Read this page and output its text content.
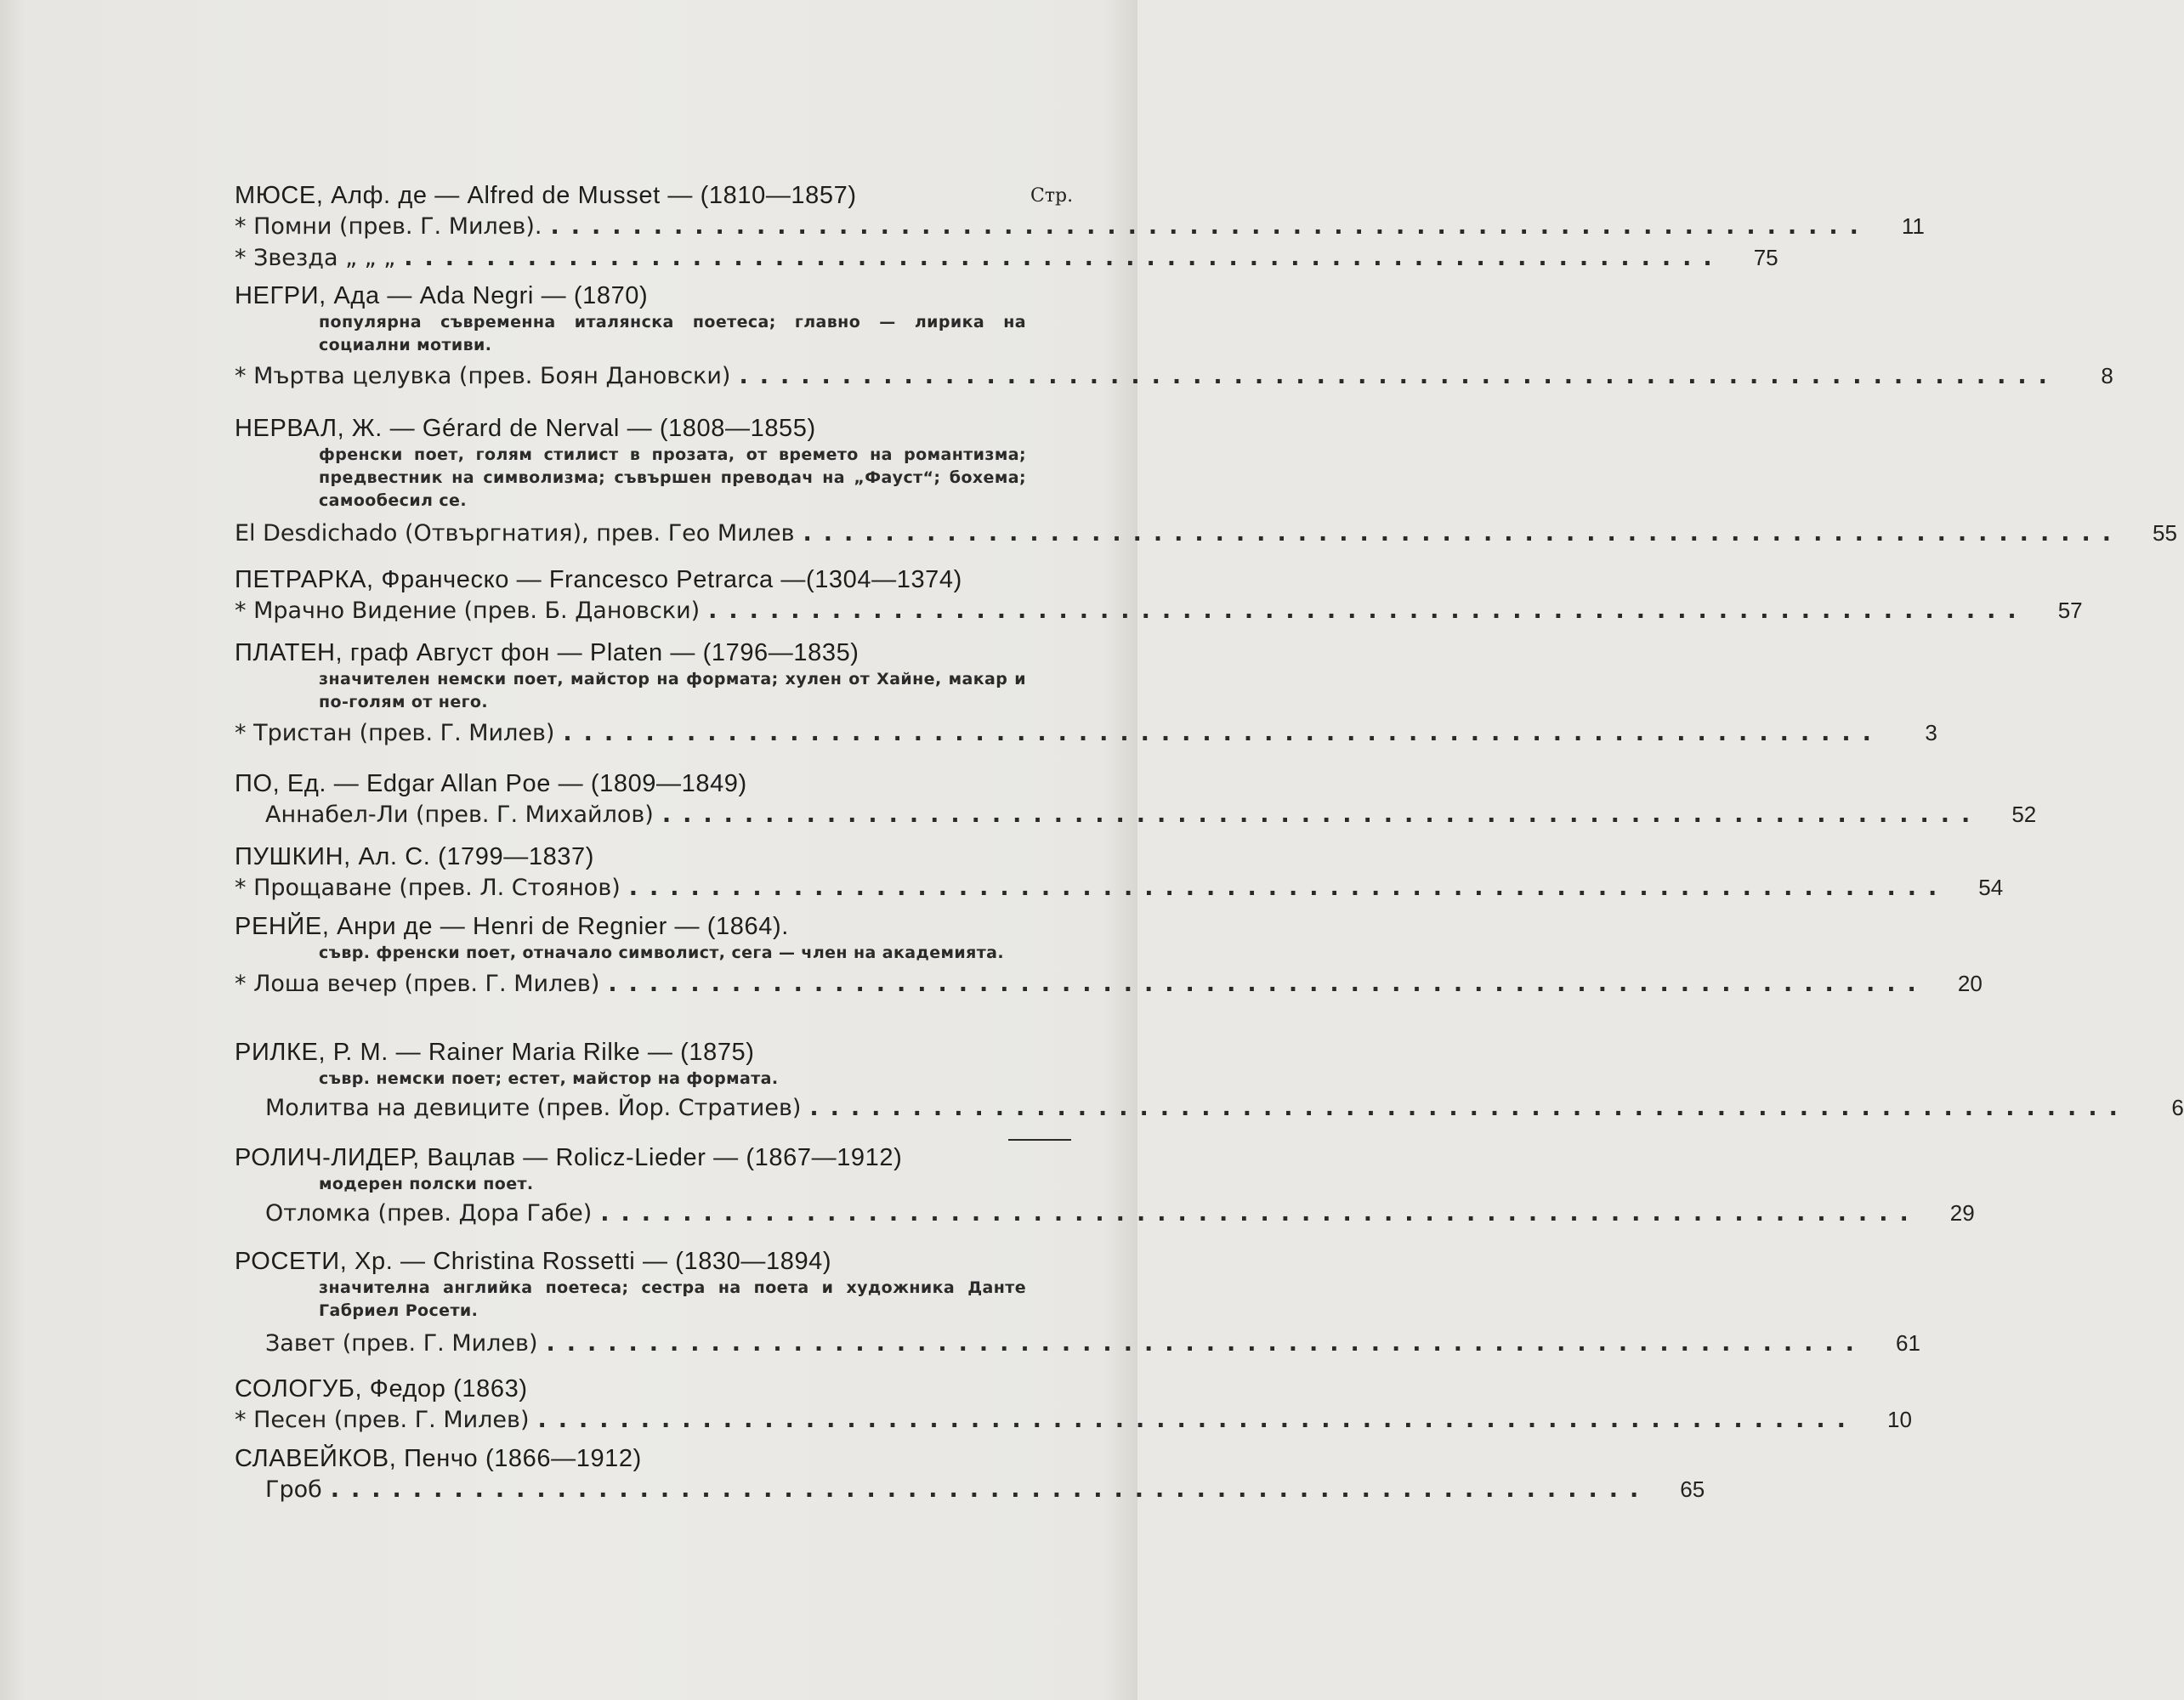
Стр.
МЮСЕ, Алф. де — Alfred de Musset — (1810—1857)
* Помни (прев. Г. Милев). ................................................................	11
* Звезда „ „ „ ................................................................	75
НЕГРИ, Ада — Ada Negri — (1870)
популярна съвременна италянска поетеса; главно — лирика на социални мотиви.
* Мъртва целувка (прев. Боян Дановски) ................................................................	8
НЕРВАЛ, Ж. — Gérard de Nerval — (1808—1855)
френски поет, голям стилист в прозата, от времето на романтизма; предвестник на символизма; съвършен преводач на „Фауст“; бохема; самообесил се.
El Desdichado (Отвъргнатия), прев. Гео Милев ................................................................	55
ПЕТРАРКА, Франческо — Francesco Petrarca —(1304—1374)
* Мрачно Видение (прев. Б. Дановски) ................................................................	57
ПЛАТЕН, граф Август фон — Platen — (1796—1835)
значителен немски поет, майстор на формата; хулен от Хайне, макар и по-голям от него.
* Тристан (прев. Г. Милев) ................................................................	3
ПО, Ед. — Edgar Allan Poe — (1809—1849)
Аннабел-Ли (прев. Г. Михайлов) ................................................................	52
ПУШКИН, Ал. С. (1799—1837)
* Прощаване (прев. Л. Стоянов) ................................................................	54
РЕНЙЕ, Анри де — Henri de Regnier — (1864).
съвр. френски поет, отначало символист, сега — член на академията.
* Лоша вечер (прев. Г. Милев) ................................................................	20
РИЛКЕ, Р. М. — Rainer Maria Rilke — (1875)
съвр. немски поет; естет, майстор на формата.
Молитва на девиците (прев. Йор. Стратиев) ................................................................	6
РОЛИЧ-ЛИДЕР, Вацлав — Rolicz-Lieder — (1867—1912)
модерен полски поет.
Отломка (прев. Дора Габе) ................................................................	29
РОСЕТИ, Хр. — Christina Rossetti — (1830—1894)
значителна английка поетеса; сестра на поета и художника Данте Габриел Росети.
Завет (прев. Г. Милев) ................................................................	61
СОЛОГУБ, Федор (1863)
* Песен (прев. Г. Милев) ................................................................	10
СЛАВЕЙКОВ, Пенчо (1866—1912)
Гроб ................................................................	65
